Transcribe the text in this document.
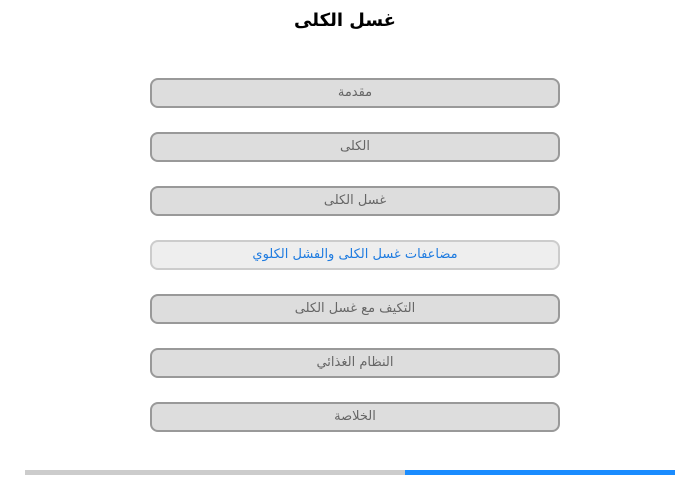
غسل الكلى
مقدمة
الكلى
غسل الكلى
مضاعفات غسل الكلى والفشل الكلوي
التكيف مع غسل الكلى
النظام الغذائي
الخلاصة
